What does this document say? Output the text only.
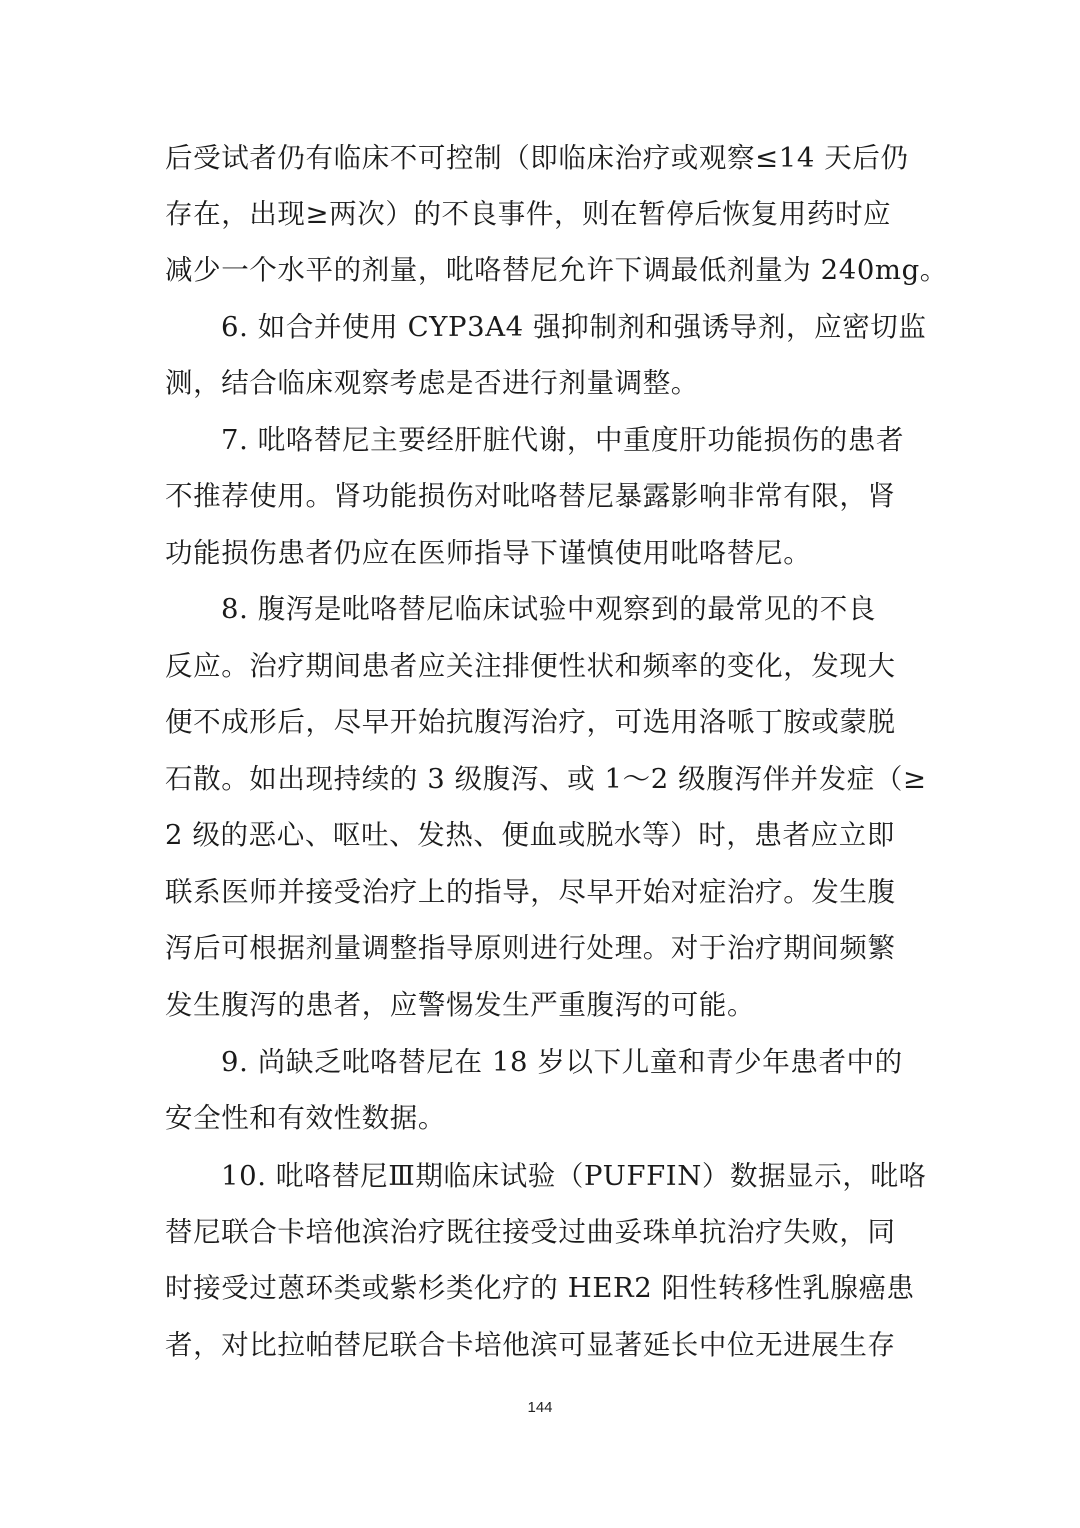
后受试者仍有临床不可控制（即临床治疗或观察≤14 天后仍
存在，出现≥两次）的不良事件，则在暂停后恢复用药时应
减少一个水平的剂量，吡咯替尼允许下调最低剂量为 240mg。
6. 如合并使用 CYP3A4 强抑制剂和强诱导剂，应密切监
测，结合临床观察考虑是否进行剂量调整。
7. 吡咯替尼主要经肝脏代谢，中重度肝功能损伤的患者
不推荐使用。肾功能损伤对吡咯替尼暴露影响非常有限，肾
功能损伤患者仍应在医师指导下谨慎使用吡咯替尼。
8. 腹泻是吡咯替尼临床试验中观察到的最常见的不良
反应。治疗期间患者应关注排便性状和频率的变化，发现大
便不成形后，尽早开始抗腹泻治疗，可选用洛哌丁胺或蒙脱
石散。如出现持续的 3 级腹泻、或 1～2 级腹泻伴并发症（≥
2 级的恶心、呕吐、发热、便血或脱水等）时，患者应立即
联系医师并接受治疗上的指导，尽早开始对症治疗。发生腹
泻后可根据剂量调整指导原则进行处理。对于治疗期间频繁
发生腹泻的患者，应警惕发生严重腹泻的可能。
9. 尚缺乏吡咯替尼在 18 岁以下儿童和青少年患者中的
安全性和有效性数据。
10. 吡咯替尼Ⅲ期临床试验（PUFFIN）数据显示，吡咯
替尼联合卡培他滨治疗既往接受过曲妥珠单抗治疗失败，同
时接受过蒽环类或紫杉类化疗的 HER2 阳性转移性乳腺癌患
者，对比拉帕替尼联合卡培他滨可显著延长中位无进展生存
144
